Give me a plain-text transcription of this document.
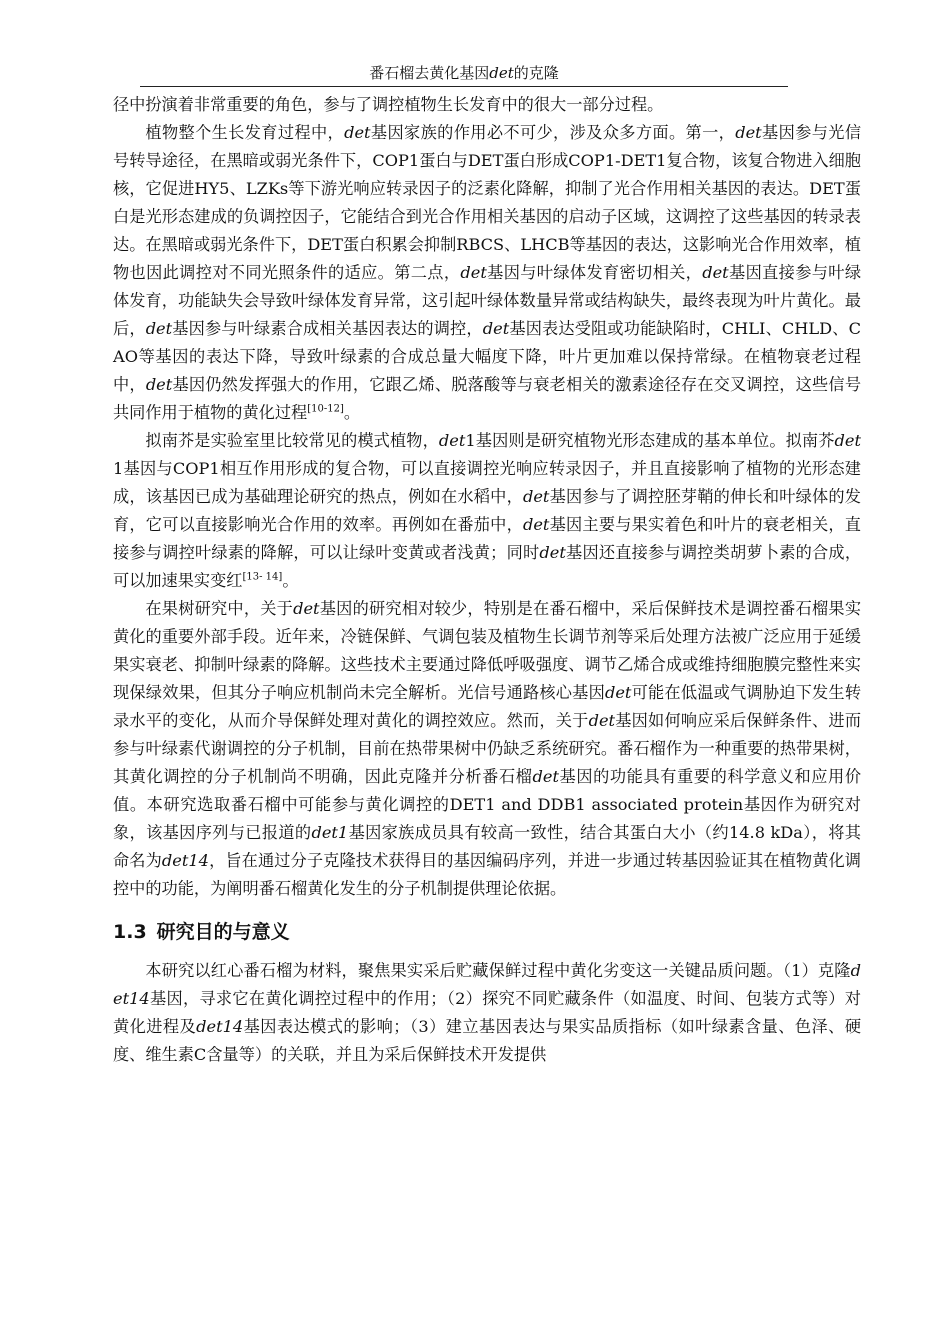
番石榴去黄化基因det的克隆

径中扮演着非常重要的角色，参与了调控植物生长发育中的很大一部分过程。

植物整个生长发育过程中，det基因家族的作用必不可少，涉及众多方面。第一，det基因参与光信号转导途径，在黑暗或弱光条件下，COP1蛋白与DET蛋白形成COP1-DET1复合物，该复合物进入细胞核，它促进HY5、LZKs等下游光响应转录因子的泛素化降解，抑制了光合作用相关基因的表达。DET蛋白是光形态建成的负调控因子，它能结合到光合作用相关基因的启动子区域，这调控了这些基因的转录表达。在黑暗或弱光条件下，DET蛋白积累会抑制RBCS、LHCB等基因的表达，这影响光合作用效率，植物也因此调控对不同光照条件的适应。第二点，det基因与叶绿体发育密切相关，det基因直接参与叶绿体发育，功能缺失会导致叶绿体发育异常，这引起叶绿体数量异常或结构缺失，最终表现为叶片黄化。最后，det基因参与叶绿素合成相关基因表达的调控，det基因表达受阻或功能缺陷时，CHLI、CHLD、CAO等基因的表达下降，导致叶绿素的合成总量大幅度下降，叶片更加难以保持常绿。在植物衰老过程中，det基因仍然发挥强大的作用，它跟乙烯、脱落酸等与衰老相关的激素途径存在交叉调控，这些信号共同作用于植物的黄化过程[10-12]。

拟南芥是实验室里比较常见的模式植物，det1基因则是研究植物光形态建成的基本单位。拟南芥det1基因与COP1相互作用形成的复合物，可以直接调控光响应转录因子，并且直接影响了植物的光形态建成，该基因已成为基础理论研究的热点，例如在水稻中，det基因参与了调控胚芽鞘的伸长和叶绿体的发育，它可以直接影响光合作用的效率。再例如在番茄中，det基因主要与果实着色和叶片的衰老相关，直接参与调控叶绿素的降解，可以让绿叶变黄或者浅黄；同时det基因还直接参与调控类胡萝卜素的合成，可以加速果实变红[13- 14]。

在果树研究中，关于det基因的研究相对较少，特别是在番石榴中，采后保鲜技术是调控番石榴果实黄化的重要外部手段。近年来，冷链保鲜、气调包装及植物生长调节剂等采后处理方法被广泛应用于延缓果实衰老、抑制叶绿素的降解。这些技术主要通过降低呼吸强度、调节乙烯合成或维持细胞膜完整性来实现保绿效果，但其分子响应机制尚未完全解析。光信号通路核心基因det可能在低温或气调胁迫下发生转录水平的变化，从而介导保鲜处理对黄化的调控效应。然而，关于det基因如何响应采后保鲜条件、进而参与叶绿素代谢调控的分子机制，目前在热带果树中仍缺乏系统研究。番石榴作为一种重要的热带果树，其黄化调控的分子机制尚不明确，因此克隆并分析番石榴det基因的功能具有重要的科学意义和应用价值。本研究选取番石榴中可能参与黄化调控的DET1 and DDB1 associated protein基因作为研究对象，该基因序列与已报道的det1基因家族成员具有较高一致性，结合其蛋白大小（约14.8 kDa），将其命名为det14，旨在通过分子克隆技术获得目的基因编码序列，并进一步通过转基因验证其在植物黄化调控中的功能，为阐明番石榴黄化发生的分子机制提供理论依据。

1.3 研究目的与意义

本研究以红心番石榴为材料，聚焦果实采后贮藏保鲜过程中黄化劣变这一关键品质问题。（1）克隆det14基因，寻求它在黄化调控过程中的作用；（2）探究不同贮藏条件（如温度、时间、包装方式等）对黄化进程及det14基因表达模式的影响；（3）建立基因表达与果实品质指标（如叶绿素含量、色泽、硬度、维生素C含量等）的关联，并且为采后保鲜技术开发提供
